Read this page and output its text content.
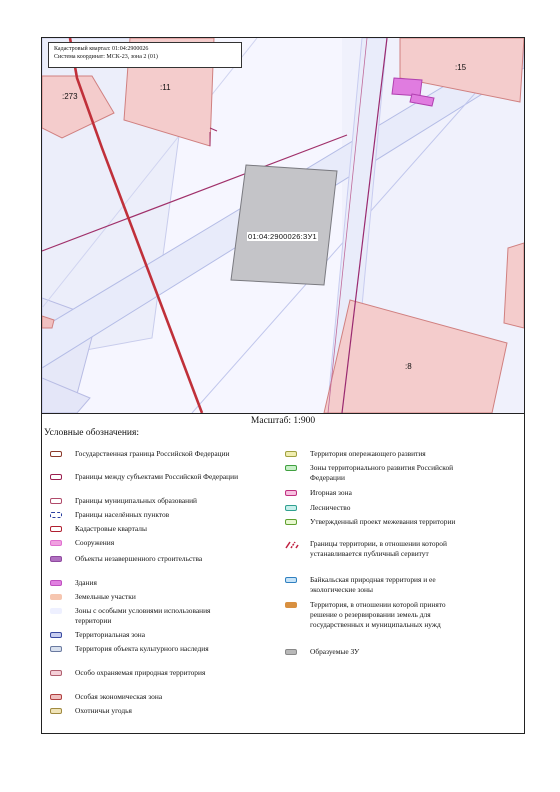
Кадастровый квартал: 01:04:2900026
Система координат: МСК-23, зона 2 (01)
:273
:11
:15
:8
01:04:2900026:ЗУ1
Масштаб: 1:900
Условные обозначения:
Государственная граница Российской Федерации
Границы между субъектами Российской Федерации
Границы муниципальных образований
Границы населённых пунктов
Кадастровые кварталы
Сооружения
Объекты незавершенного строительства
Здания
Земельные участки
Зоны с особыми условиями использования территории
Территориальная зона
Территория объекта культурного наследия
Особо охраняемая природная территория
Особая экономическая зона
Охотничьи угодья
Территория опережающего развития
Зоны территориального развития Российской Федерации
Игорная зона
Лесничество
Утвержденный проект межевания территории
Границы территории, в отношении которой устанавливается публичный сервитут
Байкальская природная территория и ее экологические зоны
Территория, в отношении которой принято решение о резервировании земель для государственных и муниципальных нужд
Образуемые ЗУ
